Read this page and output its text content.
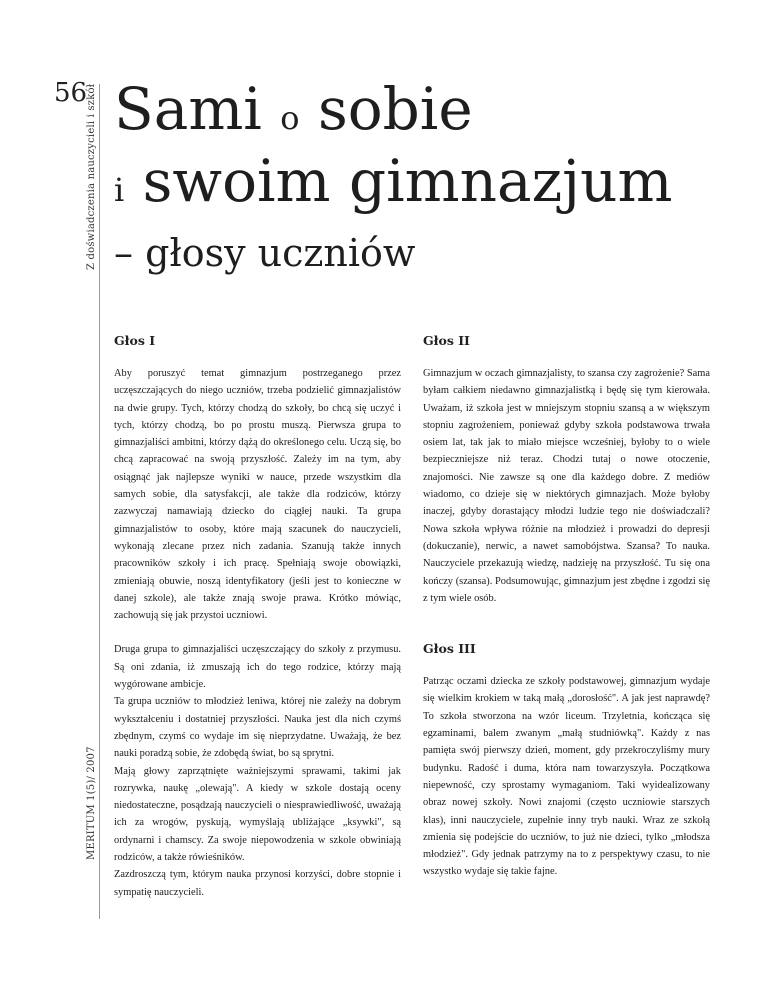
56
Z doświadczenia nauczycieli i szkół
MERITUM 1(5)/ 2007
Sami o sobie
i swoim gimnazjum
– głosy uczniów
Głos I

Aby poruszyć temat gimnazjum postrzeganego przez uczęszczających do niego uczniów, trzeba podzielić gimnazjalistów na dwie grupy. Tych, którzy chodzą do szkoły, bo chcą się uczyć i tych, którzy chodzą, bo po prostu muszą. Pierwsza grupa to gimnazjaliści ambitni, którzy dążą do określonego celu. Uczą się, bo chcą zapracować na swoją przyszłość. Zależy im na tym, aby osiągnąć jak najlepsze wyniki w nauce, przede wszystkim dla samych sobie, dla satysfakcji, ale także dla rodziców, którzy zazwyczaj namawiają dziecko do ciągłej nauki. Ta grupa gimnazjalistów to osoby, które mają szacunek do nauczycieli, wykonają zlecane przez nich zadania. Szanują także innych pracowników szkoły i ich pracę. Spełniają swoje obowiązki, zmieniają obuwie, noszą identyfikatory (jeśli jest to konieczne w danej szkole), ale także znają swoje prawa. Krótko mówiąc, zachowują się jak przystoi uczniowi.

Druga grupa to gimnazjaliści uczęszczający do szkoły z przymusu. Są oni zdania, iż zmuszają ich do tego rodzice, którzy mają wygórowane ambicje.

Ta grupa uczniów to młodzież leniwa, której nie zależy na dobrym wykształceniu i dostatniej przyszłości. Nauka jest dla nich czymś zbędnym, czymś co wydaje im się nieprzydatne. Uważają, że bez nauki poradzą sobie, że zdobędą świat, bo są sprytni.

Mają głowy zaprzątnięte ważniejszymi sprawami, takimi jak rozrywka, naukę „olewają". A kiedy w szkole dostają oceny niedostateczne, posądzają nauczycieli o niesprawiedliwość, uważają ich za wrogów, pyskują, wymyślają ubliżające „ksywki", są ordynarni i chamscy. Za swoje niepowodzenia w szkole obwiniają rodziców, a także rówieśników.

Zazdroszczą tym, którym nauka przynosi korzyści, dobre stopnie i sympatię nauczycieli.

Głos II

Gimnazjum w oczach gimnazjalisty, to szansa czy zagrożenie? Sama byłam całkiem niedawno gimnazjalistką i będę się tym kierowała. Uważam, iż szkoła jest w mniejszym stopniu szansą a w większym stopniu zagrożeniem, ponieważ gdyby szkoła podstawowa trwała osiem lat, tak jak to miało miejsce wcześniej, byłoby to o wiele bezpieczniejsze niż teraz. Chodzi tutaj o nowe otoczenie, znajomości. Nie zawsze są one dla każdego dobre. Z mediów wiadomo, co dzieje się w niektórych gimnazjach. Może byłoby inaczej, gdyby dorastający młodzi ludzie tego nie doświadczali? Nowa szkoła wpływa różnie na młodzież i prowadzi do depresji (dokuczanie), nerwic, a nawet samobójstwa. Szansa? To nauka. Nauczyciele przekazują wiedzę, nadzieję na przyszłość. Tu się ona kończy (szansa). Podsumowując, gimnazjum jest zbędne i zgodzi się z tym wiele osób.

Głos III

Patrząc oczami dziecka ze szkoły podstawowej, gimnazjum wydaje się wielkim krokiem w taką małą „dorosłość". A jak jest naprawdę? To szkoła stworzona na wzór liceum. Trzyletnia, kończąca się egzaminami, balem zwanym „małą studniówką". Każdy z nas pamięta swój pierwszy dzień, moment, gdy przekroczyliśmy mury budynku. Radość i duma, która nam towarzyszyła. Początkowa niepewność, czy sprostamy wymaganiom. Taki wyidealizowany obraz nowej szkoły. Nowi znajomi (często uczniowie starszych klas), inni nauczyciele, zupełnie inny tryb nauki. Wraz ze szkołą zmienia się podejście do uczniów, to już nie dzieci, tylko „młodsza młodzież". Gdy jednak patrzymy na to z perspektywy czasu, to nie wszystko wydaje się takie fajne.
